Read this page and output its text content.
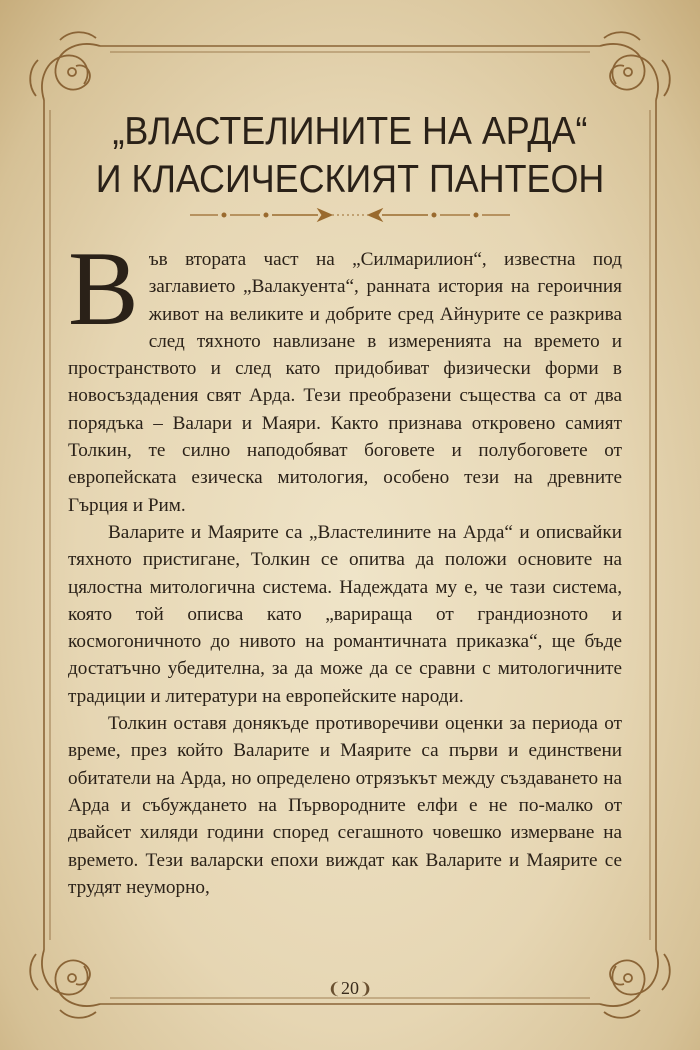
„ВЛАСТЕЛИНИТЕ НА АРДА“
И КЛАСИЧЕСКИЯТ ПАНТЕОН

Във втората част на „Силмарилион“, известна под заглавието „Валакуента“, ранната история на героичния живот на великите и добрите сред Айнурите се разкрива след тяхното навлизане в измеренията на времето и пространството и след като придобиват физически форми в новосъздадения свят Арда. Тези преобразени същества са от два порядъка – Валари и Маяри. Както признава откровено самият Толкин, те силно наподобяват боговете и полубоговете от европейската езическа митология, особено тези на древните Гърция и Рим.

Валарите и Маярите са „Властелините на Арда“ и описвайки тяхното пристигане, Толкин се опитва да положи основите на цялостна митологична система. Надеждата му е, че тази система, която той описва като „варираща от грандиозното и космогоничното до нивото на романтичната приказка“, ще бъде достатъчно убедителна, за да може да се сравни с митологичните традиции и литератури на европейските народи.

Толкин оставя донякъде противоречиви оценки за периода от време, през който Валарите и Маярите са първи и единствени обитатели на Арда, но определено отрязъкът между създаването на Арда и събуждането на Първородните елфи е не по-малко от двайсет хиляди години според сегашното човешко измерване на времето. Тези валарски епохи виждат как Валарите и Маярите се трудят неуморно,

❨20❩
